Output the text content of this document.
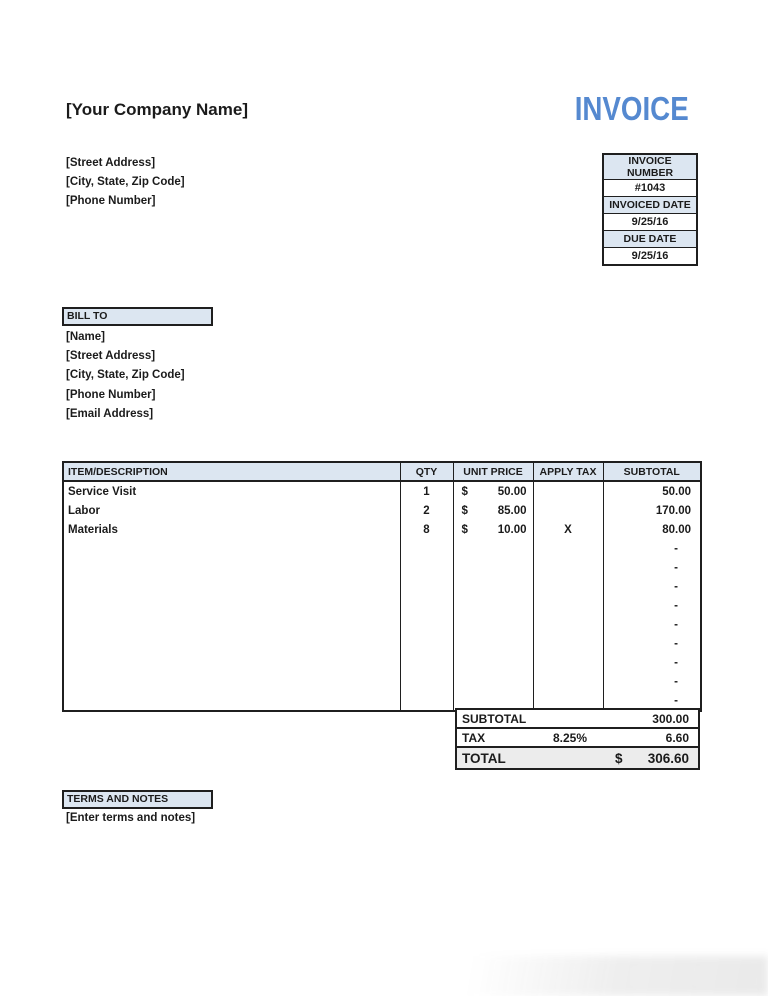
[Your Company Name]	INVOICE
[Street Address]
[City, State, Zip Code]
[Phone Number]
INVOICE NUMBER
#1043
INVOICED DATE
9/25/16
DUE DATE
9/25/16
BILL TO
[Name]
[Street Address]
[City, State, Zip Code]
[Phone Number]
[Email Address]
ITEM/DESCRIPTION	QTY	UNIT PRICE	APPLY TAX	SUBTOTAL
Service Visit	1	$ 50.00		50.00
Labor	2	$ 85.00		170.00
Materials	8	$ 10.00	X	80.00
				-
				-
				-
				-
				-
				-
				-
				-
				-
SUBTOTAL	300.00
TAX	8.25%	6.60
TOTAL	$ 306.60
TERMS AND NOTES
[Enter terms and notes]
